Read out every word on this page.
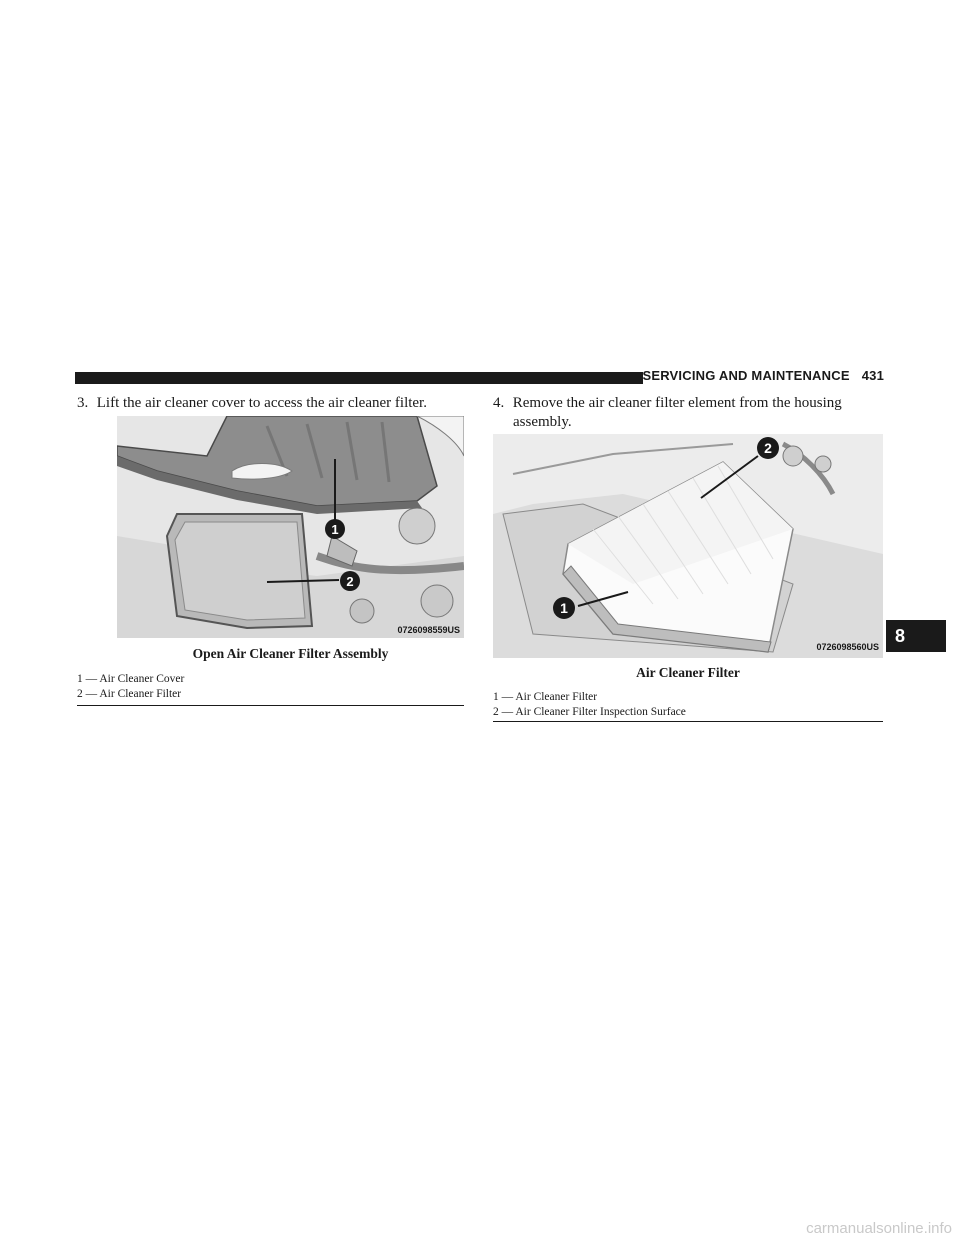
SERVICING AND MAINTENANCE 431
3. Lift the air cleaner cover to access the air cleaner filter.	4. Remove the air cleaner filter element from the housing
assembly.
1
2
0726098559US
Open Air Cleaner Filter Assembly
1 — Air Cleaner Cover
2 — Air Cleaner Filter
1
2
0726098560US
Air Cleaner Filter
1 — Air Cleaner Filter
2 — Air Cleaner Filter Inspection Surface
8
carmanualsonline.info
